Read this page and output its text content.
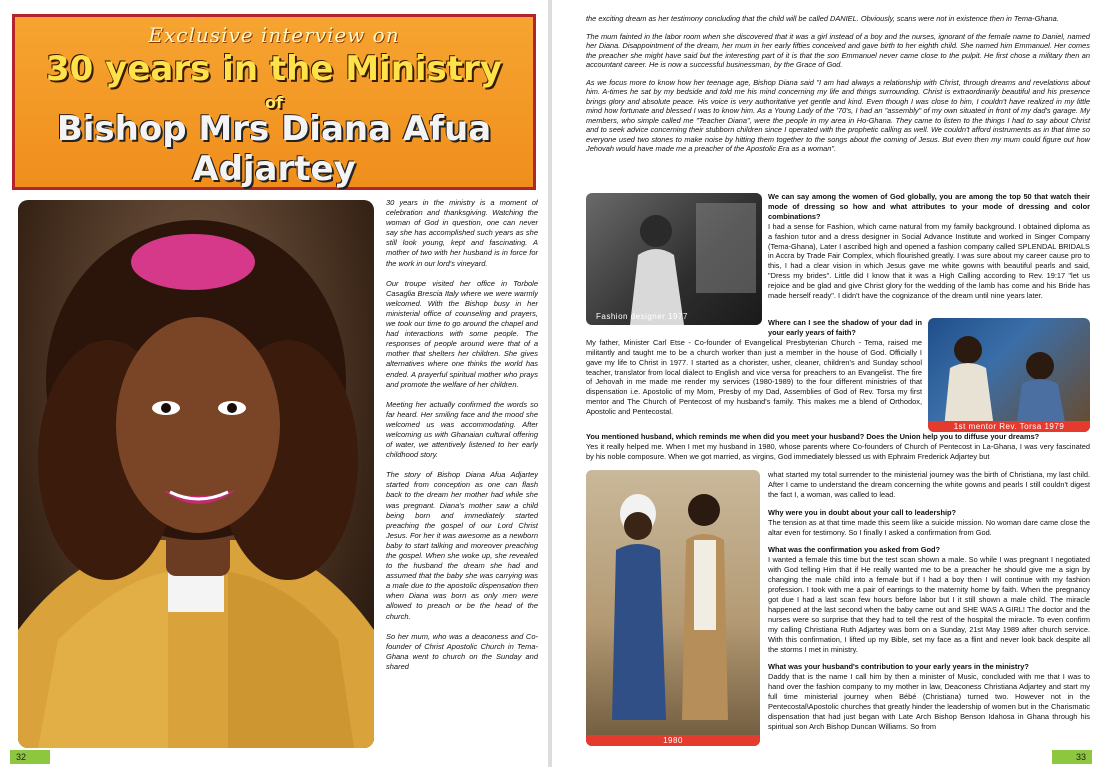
Exclusive interview on
30 years in the Ministry
of
Bishop Mrs Diana Afua
Adjartey

30 years in the ministry is a moment of celebration and thanksgiving. Watching the woman of God in question, one can never say she has accomplished such years as she still look young, kept and fascinating. A mother of two with her husband is in force for the work in our lord's vineyard.

Our troupe visited her office in Torbole Casaglia Brescia Italy where we were warmly welcomed. With the Bishop busy in her ministerial office of counseling and prayers, we took our time to go around the chapel and had interactions with some people. The responses of people around were that of a mother that shelters her children. She gives alternatives where one thinks the world has ended. A prayerful spiritual mother who prays and promote the welfare of her children.

Meeting her actually confirmed the words so far heard. Her smiling face and the mood she welcomed us was accommodating. After welcoming us with Ghanaian cultural offering of water, we attentively listened to her early childhood story.

The story of Bishop Diana Afua Adjartey started from conception as one can flash back to the dream her mother had while she was pregnant. Diana's mother saw a child being born and immediately started preaching the gospel of our Lord Christ Jesus. For her it was awesome as a newborn baby to start talking and moreover preaching the gospel. When she woke up, she revealed to the husband the dream she had and assumed that the baby she was carrying was a male due to the apostolic dispensation then when Diana was born as only men were allowed to preach or be the head of the church.

So her mum, who was a deaconess and Co-founder of Christ Apostolic Church in Tema-Ghana went to church on the Sunday and shared

32

the exciting dream as her testimony concluding that the child will be called DANIEL. Obviously, scans were not in existence then in Tema-Ghana.

The mum fainted in the labor room when she discovered that it was a girl instead of a boy and the nurses, ignorant of the female name to Daniel, named her Diana. Disappointment of the dream, her mum in her early fifties conceived and gave birth to her eighth child. She named him Emmanuel. Her comes the preacher she might have said but the interesting part of it is that the son Emmanuel never came close to the pulpit. He first chose a military then an accountant career. He is now a successful businessman, by the Grace of God.

As we focus more to know how her teenage age, Bishop Diana said "I am had always a relationship with Christ, through dreams and revelations about him. A-times he sat by my bedside and told me his mind concerning my life and things surrounding. Christ is extraordinarily beautiful and his presence brings glory and absolute peace. His voice is very authoritative yet gentle and kind. Even though I was close to him, I couldn't have realized in my little mind how fortunate and blessed I was to know him. As a Young Lady of the '70's, I had an "assembly" of my own situated in front of my dad's garage. My members, who simple called me "Teacher Diana", were the people in my area in Ho-Ghana. They came to listen to the things I had to say about Christ and to seek advice concerning their stubborn children since I operated with the prophetic calling as well. We couldn't afford instruments as in that time so everyone used two stones to make noise by hitting them together to the songs about the coming of Jesus. But even then my mum could figure out how Jehovah would have made me a preacher of the Apostolic Era as a woman".

Fashion designer 1977
1st mentor Rev. Torsa 1979
1980

We can say among the women of God globally, you are among the top 50 that watch their mode of dressing so how and what attributes to your mode of dressing and color combinations?

I had a sense for Fashion, which came natural from my family background. I obtained diploma as a fashion tutor and a dress designer in Social Advance Institute and worked in Singer Company (Tema-Ghana), Later I ascribed high and opened a fashion company called SPLENDAL BRIDALS in Accra by Trade Fair Complex, which flourished greatly. I was sure about my career cause pro to this, I had a clear vision in which Jesus gave me white gowns with beautiful pearls and said, "Dress my brides". Little did I know that it was a High Calling according to Rev. 19:17 "let us rejoice and be glad and give Christ glory for the wedding of the lamb has come and his Bride has made herself ready". I didn't have the cognizance of the dream until nine years later.

Where can I see the shadow of your dad in your early years of faith?

My father, Minister Carl Etse - Co-founder of Evangelical Presbyterian Church - Tema, raised me militantly and taught me to be a church worker than just a member in the house of God. Officially I gave my life to Christ in 1977. I started as a chorister, usher, cleaner, children's and Sunday school teacher, translator from local dialect to English and vice versa for preachers to an Evangelist. The fire of Jehovah in me made me render my services (1980-1989) to the four different ministries of that dispensation i.e. Apostolic of my Mom, Presby of my Dad, Assemblies of God of Rev. Torsa my first mentor and The Church of Pentecost of my husband's family. This makes me a blend of Orthodox, Apostolic and Pentecostal.

You mentioned husband, which reminds me when did you meet your husband? Does the Union help you to diffuse your dreams?

Yes it really helped me. When I met my husband in 1980, whose parents where Co-founders of Church of Pentecost in La-Ghana, I was very fascinated by his noble composure. When we got married, as virgins, God immediately blessed us with Ephraim Frederick Adjartey but

what started my total surrender to the ministerial journey was the birth of Christiana, my last child. After I came to understand the dream concerning the white gowns and pearls I still couldn't digest the fact I, a woman, was called to lead.

Why were you in doubt about your call to leadership?

The tension as at that time made this seem like a suicide mission. No woman dare came close the altar even for testimony. So I finally I asked a confirmation from God.

What was the confirmation you asked from God?

I wanted a female this time but the test scan shown a male. So while I was pregnant I negotiated with God telling Him that if He really wanted me to be a preacher he should give me a sign by changing the male child into a female but if I had a boy then I will continue with my fashion profession. I took with me a pair of earrings to the maternity home by faith. When the pregnancy got due I had a last scan few hours before labor but I it still shown a male child. The miracle happened at the last second when the baby came out and SHE WAS A GIRL! The doctor and the nurses were so surprise that they had to tell the rest of the hospital the miracle. To even confirm my calling Christiana Ruth Adjartey was born on a Sunday, 21st May 1989 after church service. With this confirmation, I lifted up my Bible, set my face as a flint and never look back despite all the storms I met in ministry.

What was your husband's contribution to your early years in the ministry?

Daddy that is the name I call him by then a minister of Music, concluded with me that I was to hand over the fashion company to my mother in law, Deaconess Christiana Adjartey and start my full time ministerial journey when Bébé (Christiana) turned two. However not in the Pentecostal\Apostolic churches that greatly hinder the leadership of women but in the Charismatic dispensation that had just began with Late Arch Bishop Benson Idahosa in Ghana through his spiritual son Arch Bishop Duncan Williams. So from

33
